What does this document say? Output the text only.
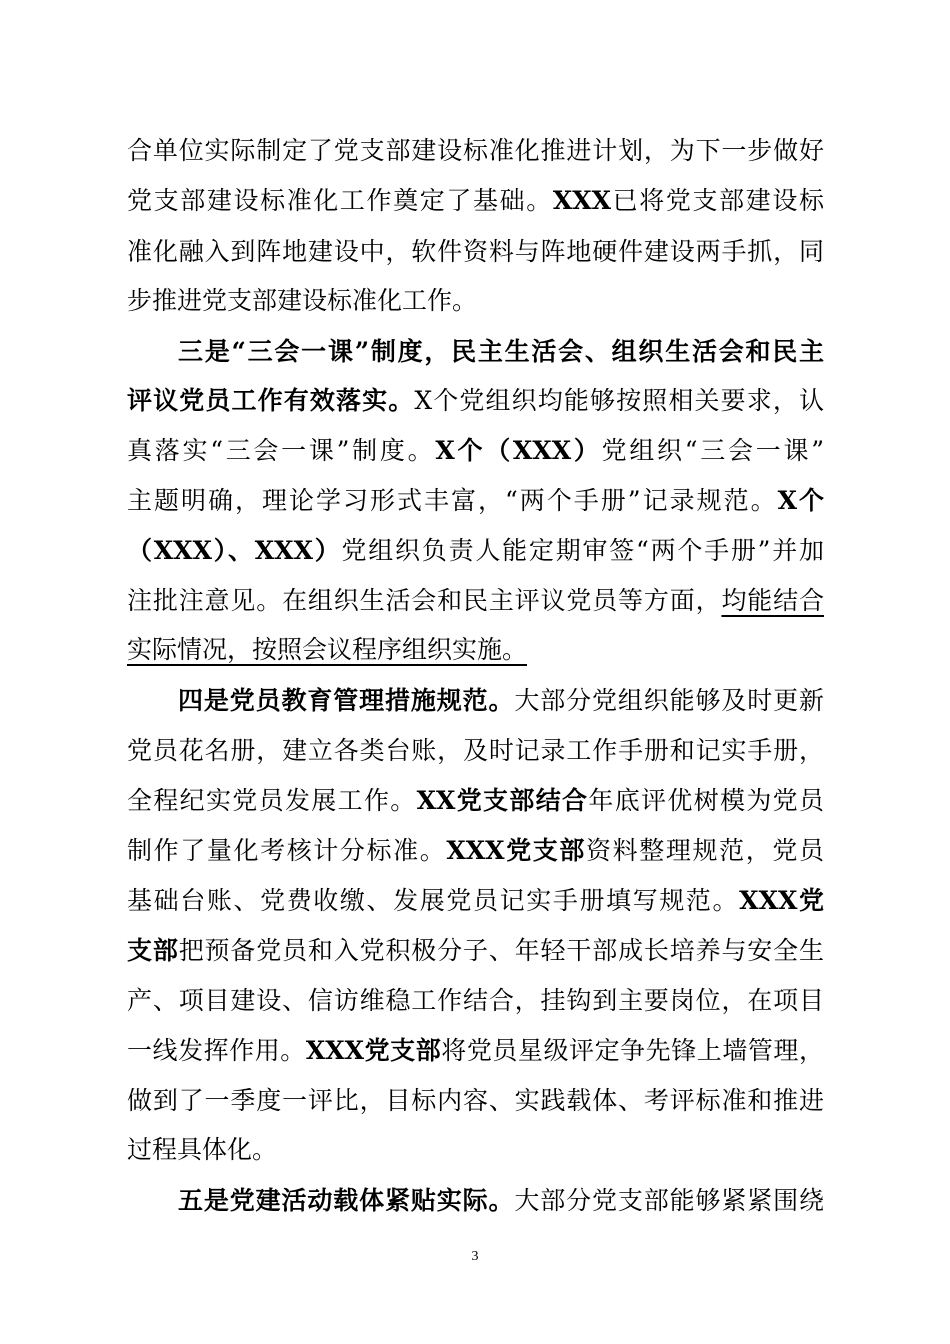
合单位实际制定了党支部建设标准化推进计划，为下一步做好
党支部建设标准化工作奠定了基础。XXX已将党支部建设标
准化融入到阵地建设中，软件资料与阵地硬件建设两手抓，同
步推进党支部建设标准化工作。
三是“三会一课”制度，民主生活会、组织生活会和民主
评议党员工作有效落实。X个党组织均能够按照相关要求，认
真落实“三会一课”制度。X个（XXX）党组织“三会一课”
主题明确，理论学习形式丰富，“两个手册”记录规范。X个
（XXX）、XXX）党组织负责人能定期审签“两个手册”并加
注批注意见。在组织生活会和民主评议党员等方面，均能结合
实际情况，按照会议程序组织实施。
四是党员教育管理措施规范。大部分党组织能够及时更新
党员花名册，建立各类台账，及时记录工作手册和记实手册，
全程纪实党员发展工作。XX党支部结合年底评优树模为党员
制作了量化考核计分标准。XXX党支部资料整理规范，党员
基础台账、党费收缴、发展党员记实手册填写规范。XXX党
支部把预备党员和入党积极分子、年轻干部成长培养与安全生
产、项目建设、信访维稳工作结合，挂钩到主要岗位，在项目
一线发挥作用。XXX党支部将党员星级评定争先锋上墙管理，
做到了一季度一评比，目标内容、实践载体、考评标准和推进
过程具体化。
五是党建活动载体紧贴实际。大部分党支部能够紧紧围绕
3
